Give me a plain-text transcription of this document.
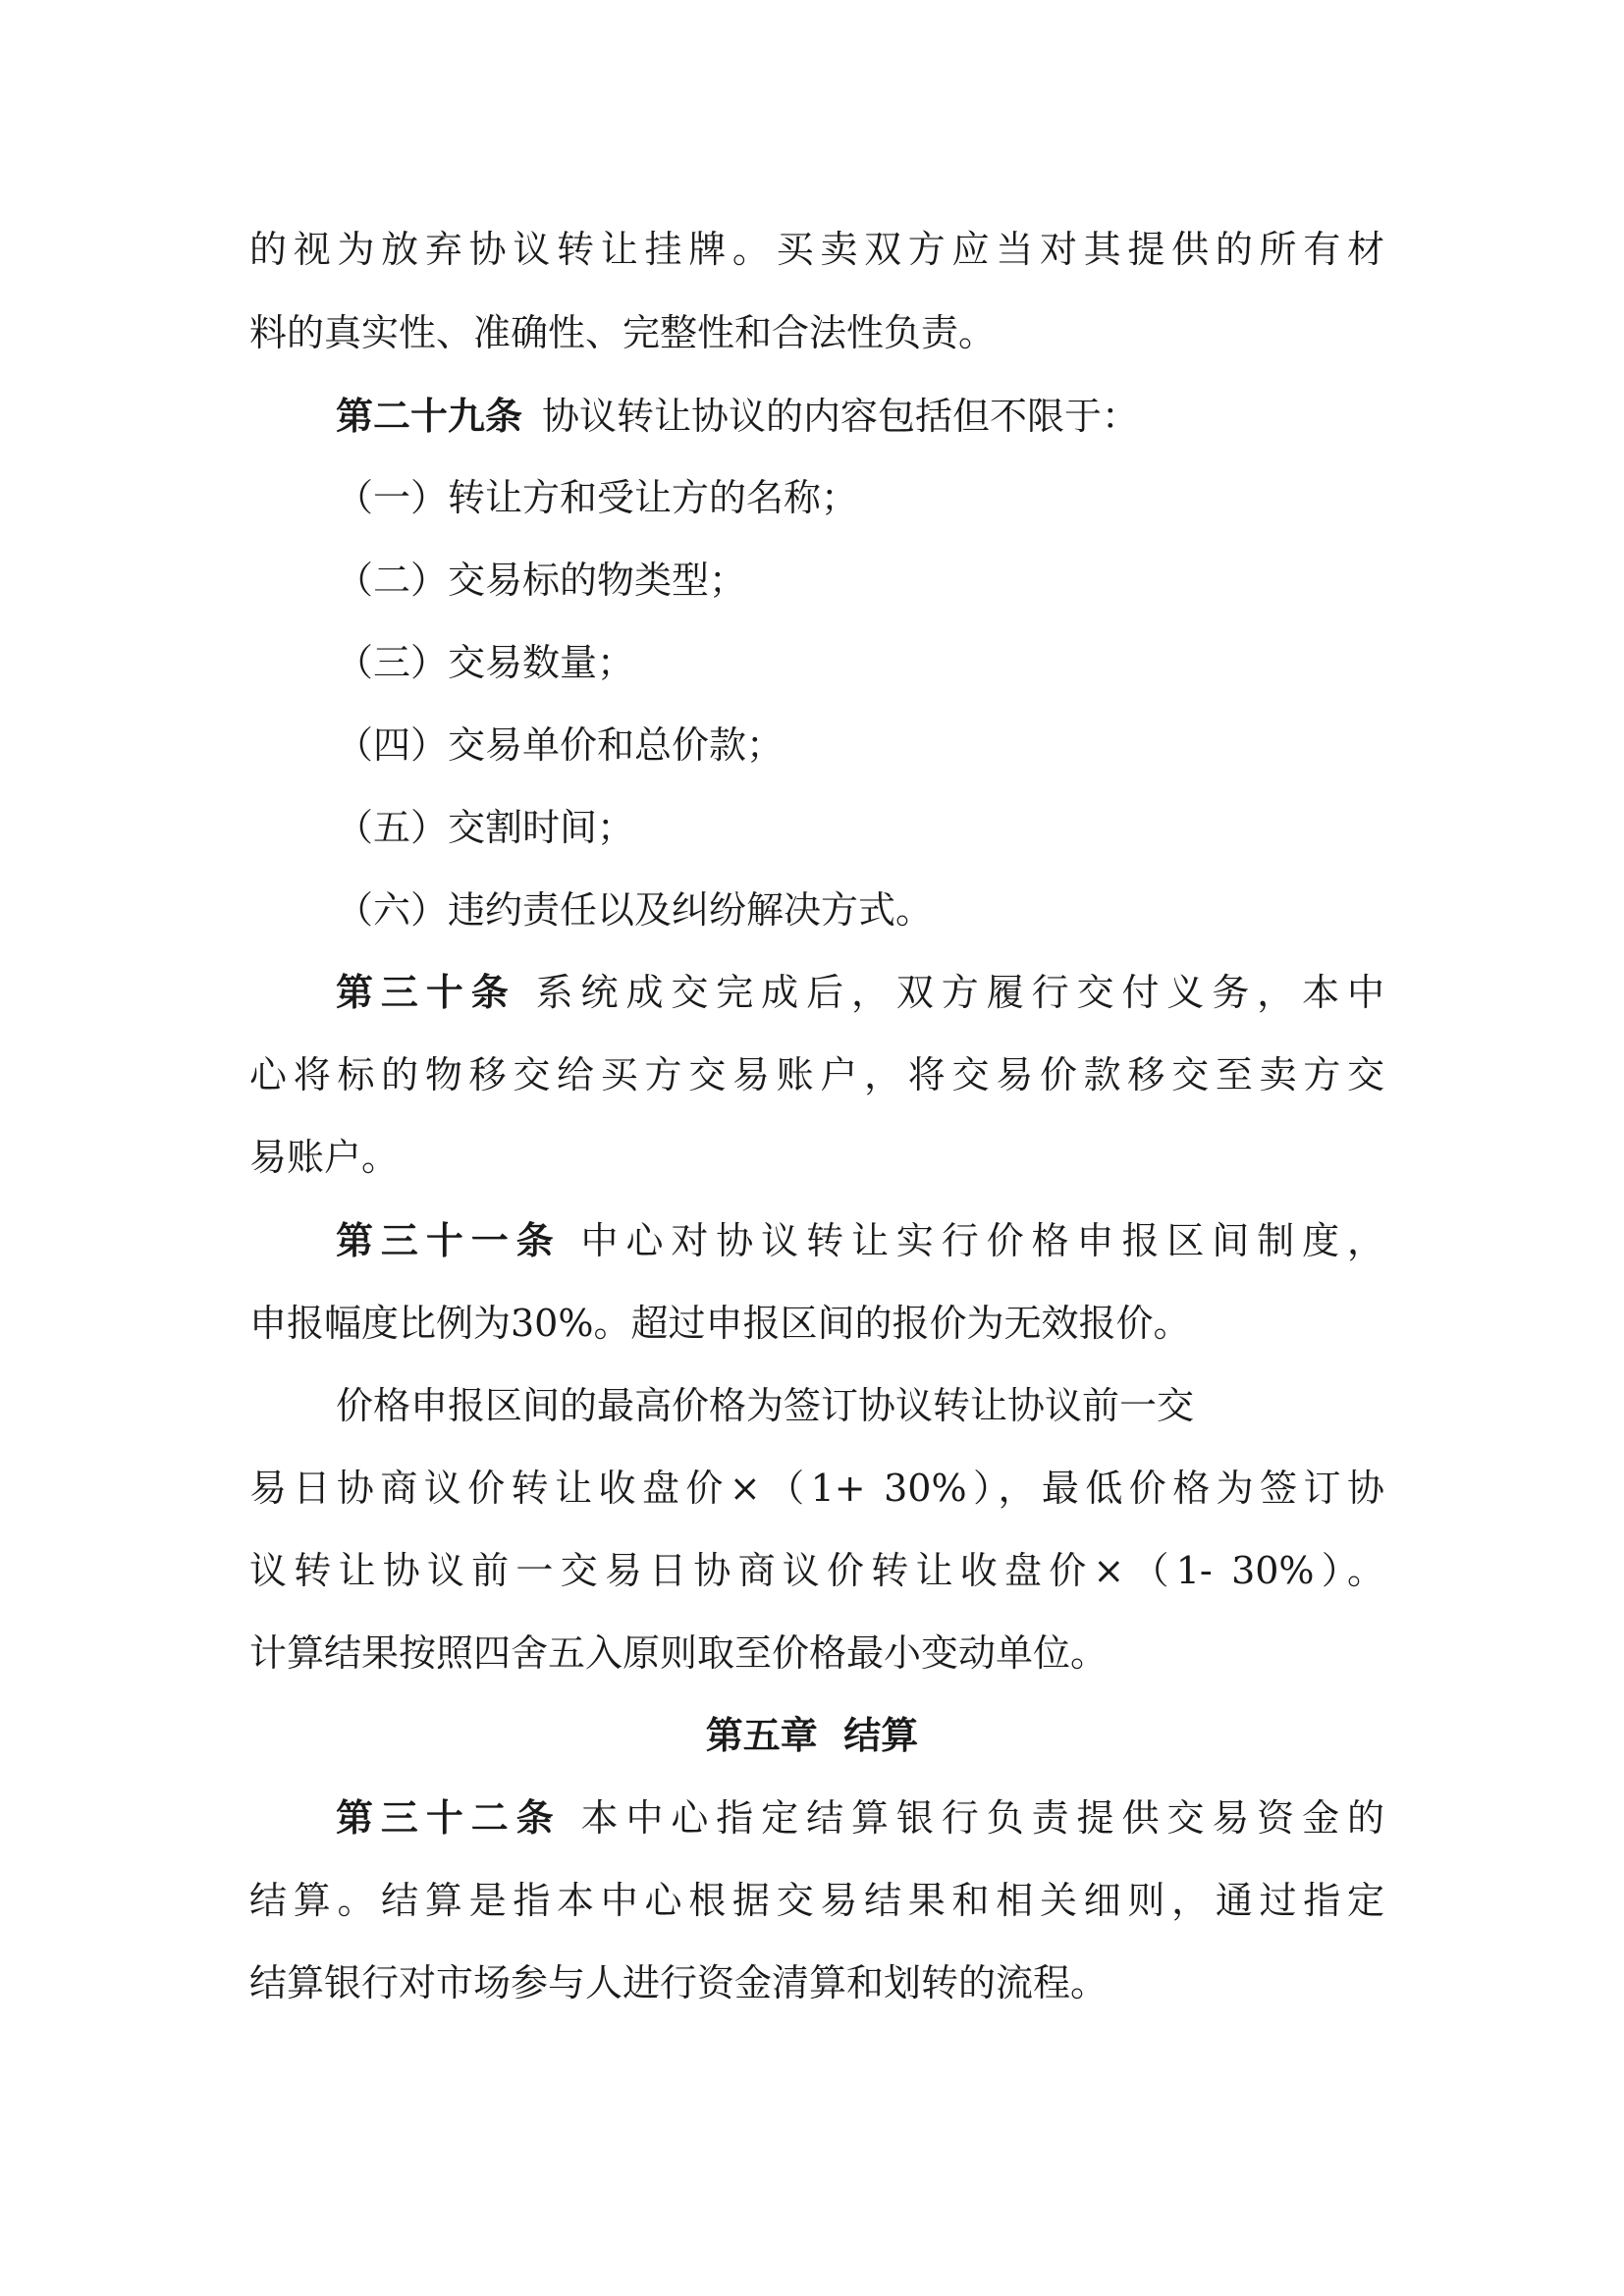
的视为放弃协议转让挂牌。买卖双方应当对其提供的所有材
料的真实性、准确性、完整性和合法性负责。
第二十九条 协议转让协议的内容包括但不限于：
（一）转让方和受让方的名称；
（二）交易标的物类型；
（三）交易数量；
（四）交易单价和总价款；
（五）交割时间；
（六）违约责任以及纠纷解决方式。
第三十条 系统成交完成后，双方履行交付义务，本中
心将标的物移交给买方交易账户，将交易价款移交至卖方交
易账户。
第三十一条 中心对协议转让实行价格申报区间制度，
申报幅度比例为30%。超过申报区间的报价为无效报价。
价格申报区间的最高价格为签订协议转让协议前一交
易日协商议价转让收盘价×（1+ 30%），最低价格为签订协
议转让协议前一交易日协商议价转让收盘价×（1- 30%）。
计算结果按照四舍五入原则取至价格最小变动单位。
第五章  结算
第三十二条 本中心指定结算银行负责提供交易资金的
结算。结算是指本中心根据交易结果和相关细则，通过指定
结算银行对市场参与人进行资金清算和划转的流程。
